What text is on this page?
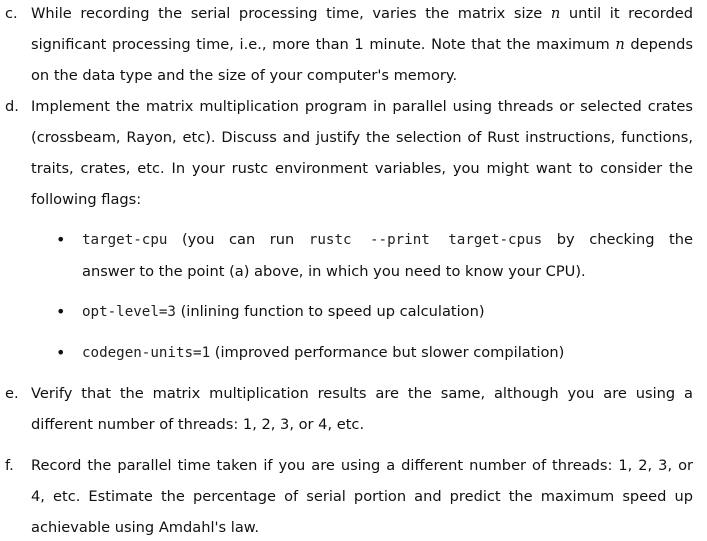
c. While recording the serial processing time, varies the matrix size n until it recorded
significant processing time, i.e., more than 1 minute. Note that the maximum n depends
on the data type and the size of your computer's memory.
d. Implement the matrix multiplication program in parallel using threads or selected crates
(crossbeam, Rayon, etc). Discuss and justify the selection of Rust instructions, functions,
traits, crates, etc. In your rustc environment variables, you might want to consider the
following flags:
• target-cpu (you can run rustc --print target-cpus by checking the
answer to the point (a) above, in which you need to know your CPU).
• opt-level=3 (inlining function to speed up calculation)
• codegen-units=1 (improved performance but slower compilation)
e. Verify that the matrix multiplication results are the same, although you are using a
different number of threads: 1, 2, 3, or 4, etc.
f. Record the parallel time taken if you are using a different number of threads: 1, 2, 3, or
4, etc. Estimate the percentage of serial portion and predict the maximum speed up
achievable using Amdahl's law.
